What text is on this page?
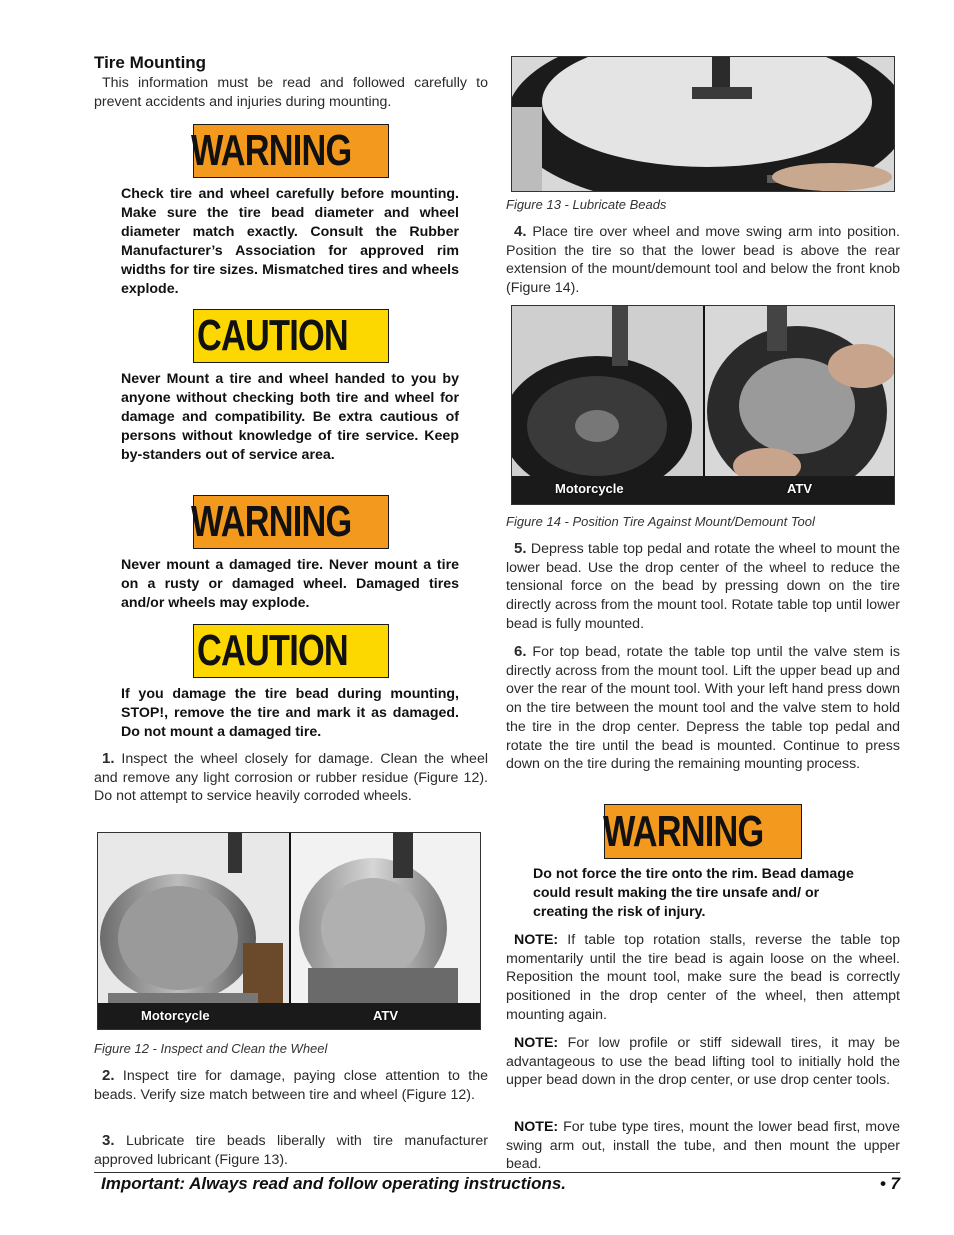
Tire Mounting

This information must be read and followed carefully to prevent accidents and injuries during mounting.

WARNING

Check tire and wheel carefully before mounting. Make sure the tire bead diameter and wheel diameter match exactly. Consult the Rubber Manufacturer’s Association for approved rim widths for tire sizes. Mismatched tires and wheels explode.

CAUTION

Never Mount a tire and wheel handed to you by anyone without checking both tire and wheel for damage and compatibility. Be extra cautious of persons without knowledge of tire service. Keep by-standers out of service area.

WARNING

Never mount a damaged tire. Never mount a tire on a rusty or damaged wheel. Damaged tires and/or wheels may explode.

CAUTION

If you damage the tire bead during mounting, STOP!, remove the tire and mark it as damaged. Do not mount a damaged tire.

1. Inspect the wheel closely for damage. Clean the wheel and remove any light corrosion or rubber residue (Figure 12). Do not attempt to service heavily corroded wheels.

Motorcycle	ATV
Figure 12 - Inspect and Clean the Wheel

2. Inspect tire for damage, paying close attention to the beads. Verify size match between tire and wheel (Figure 12).

3. Lubricate tire beads liberally with tire manufacturer approved lubricant (Figure 13).

Figure 13 - Lubricate Beads

4. Place tire over wheel and move swing arm into position. Position the tire so that the lower bead is above the rear extension of the mount/demount tool and below the front knob (Figure 14).

Motorcycle	ATV
Figure 14 - Position Tire Against Mount/Demount Tool

5. Depress table top pedal and rotate the wheel to mount the lower bead. Use the drop center of the wheel to reduce the tensional force on the bead by pressing down on the tire directly across from the mount tool. Rotate table top until lower bead is fully mounted.

6. For top bead, rotate the table top until the valve stem is directly across from the mount tool. Lift the upper bead up and over the rear of the mount tool. With your left hand press down on the tire between the mount tool and the valve stem to hold the tire in the drop center. Depress the table top pedal and rotate the tire until the bead is mounted. Continue to press down on the tire during the remaining mounting process.

WARNING

Do not force the tire onto the rim. Bead damage could result making the tire unsafe and/ or creating the risk of injury.

NOTE: If table top rotation stalls, reverse the table top momentarily until the tire bead is again loose on the wheel. Reposition the mount tool, make sure the bead is correctly positioned in the drop center of the wheel, then attempt mounting again.

NOTE: For low profile or stiff sidewall tires, it may be advantageous to use the bead lifting tool to initially hold the upper bead down in the drop center, or use drop center tools.

NOTE: For tube type tires, mount the lower bead first, move swing arm out, install the tube, and then mount the upper bead.

Important: Always read and follow operating instructions.	• 7
